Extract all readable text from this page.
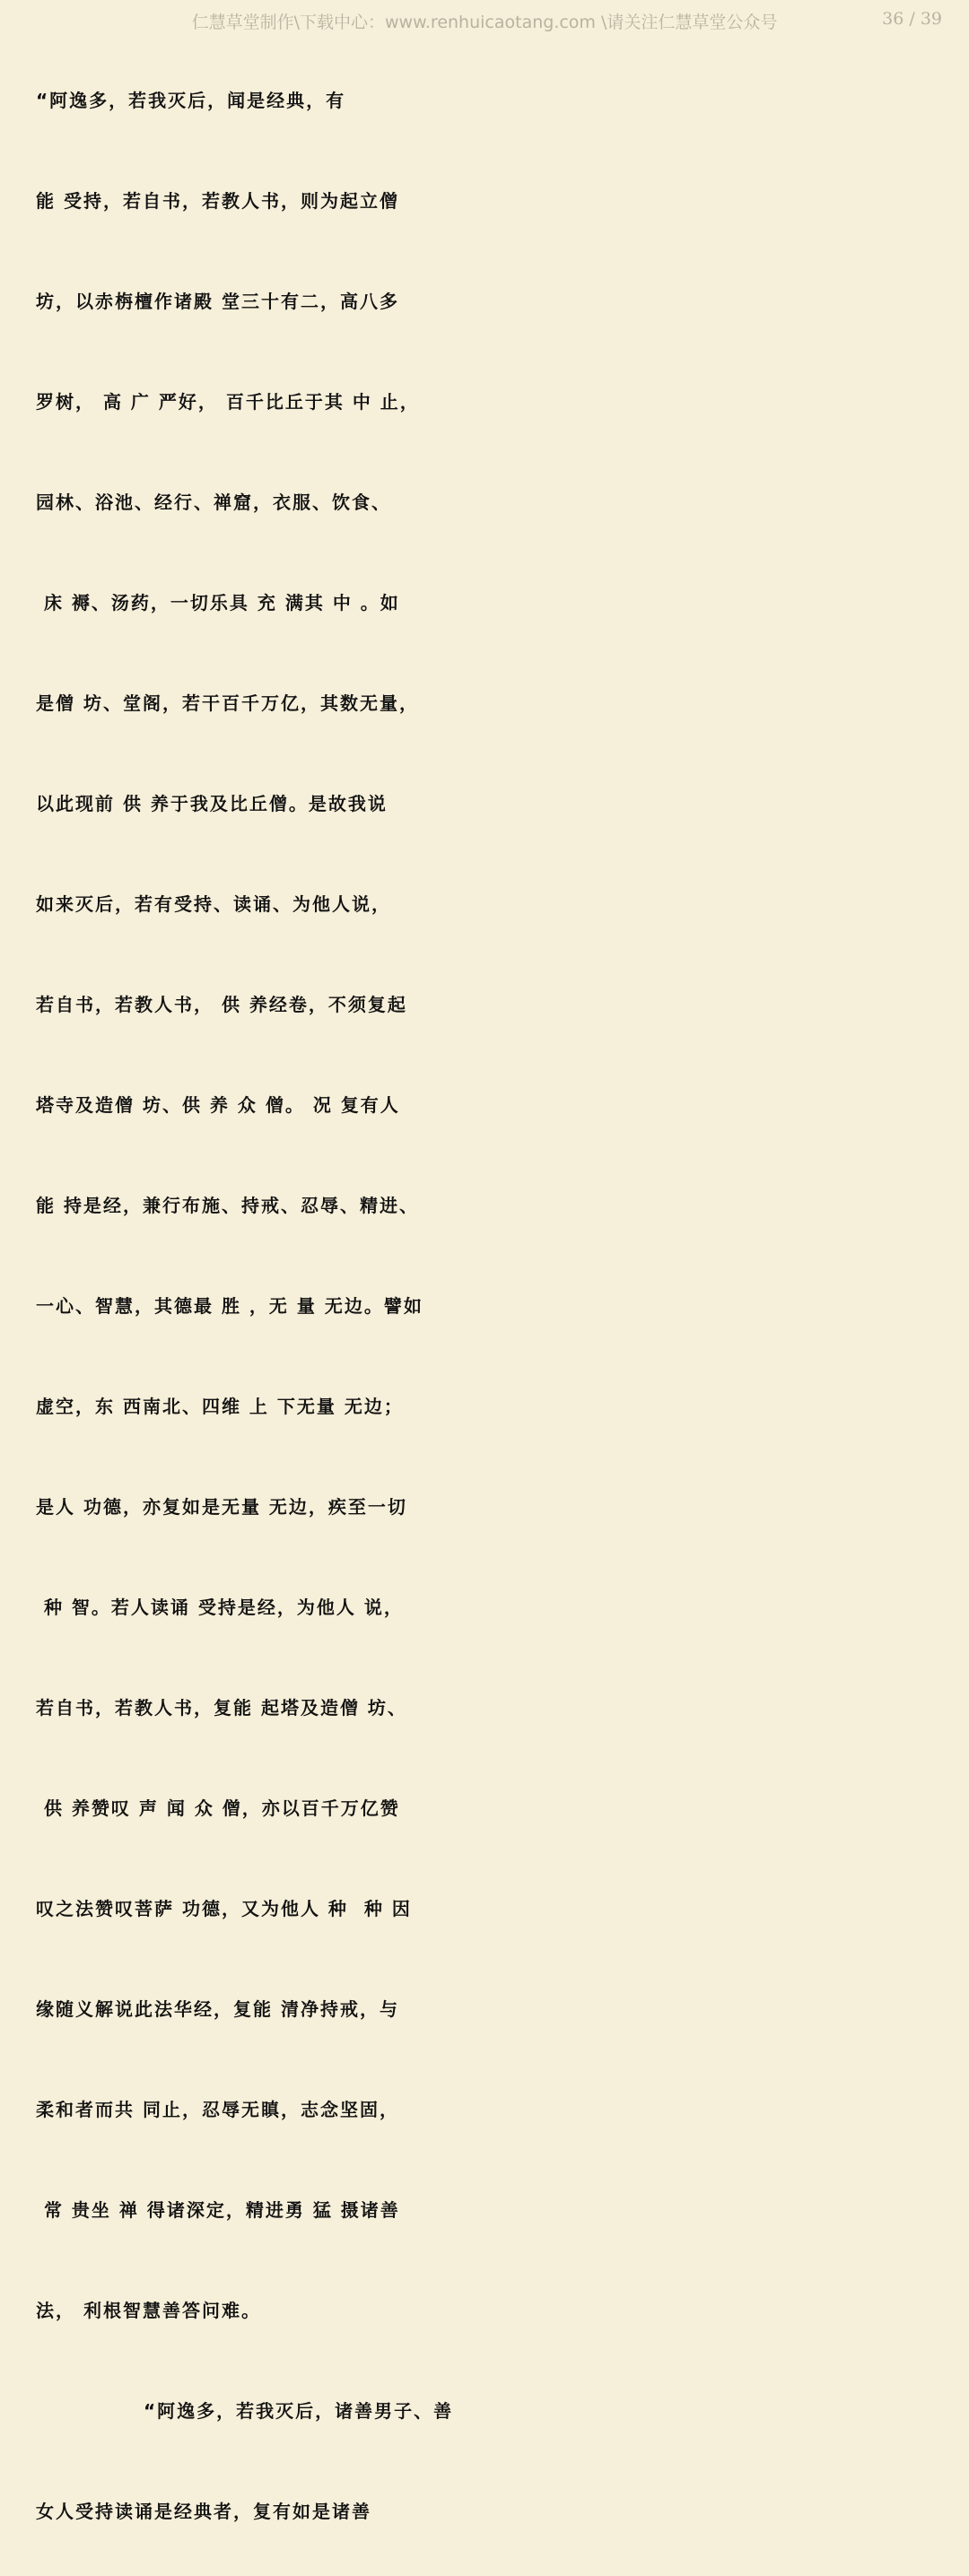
仁慧草堂制作\下载中心：www.renhuicaotang.com \请关注仁慧草堂公众号	36 / 39
“阿逸多，若我灭后，闻是经典，有
能 受持，若自书，若教人书，则为起立僧
坊，以赤栴檀作诸殿 堂三十有二，高八多
罗树， 高 广 严好， 百千比丘于其 中 止，
园林、浴池、经行、禅窟，衣服、饮食、
床 褥、汤药，一切乐具 充 满其 中 。如
是僧 坊、堂阁，若干百千万亿，其数无量，
以此现前 供 养于我及比丘僧。是故我说
如来灭后，若有受持、读诵、为他人说，
若自书，若教人书， 供 养经卷，不须复起
塔寺及造僧 坊、供 养 众 僧。 况 复有人
能 持是经，兼行布施、持戒、忍辱、精进、
一心、智慧，其德最 胜 ，无 量 无边。譬如
虚空，东 西南北、四维 上 下无量 无边；
是人 功德，亦复如是无量 无边，疾至一切
种 智。若人读诵 受持是经，为他人 说，
若自书，若教人书，复能 起塔及造僧 坊、
供 养赞叹 声 闻 众 僧，亦以百千万亿赞
叹之法赞叹菩萨 功德，又为他人 种  种 因
缘随义解说此法华经，复能 清净持戒，与
柔和者而共 同止，忍辱无瞋，志念坚固，
常 贵坐 禅 得诸深定，精进勇 猛 摄诸善
法， 利根智慧善答问难。
“阿逸多，若我灭后，诸善男子、善
女人受持读诵是经典者，复有如是诸善
